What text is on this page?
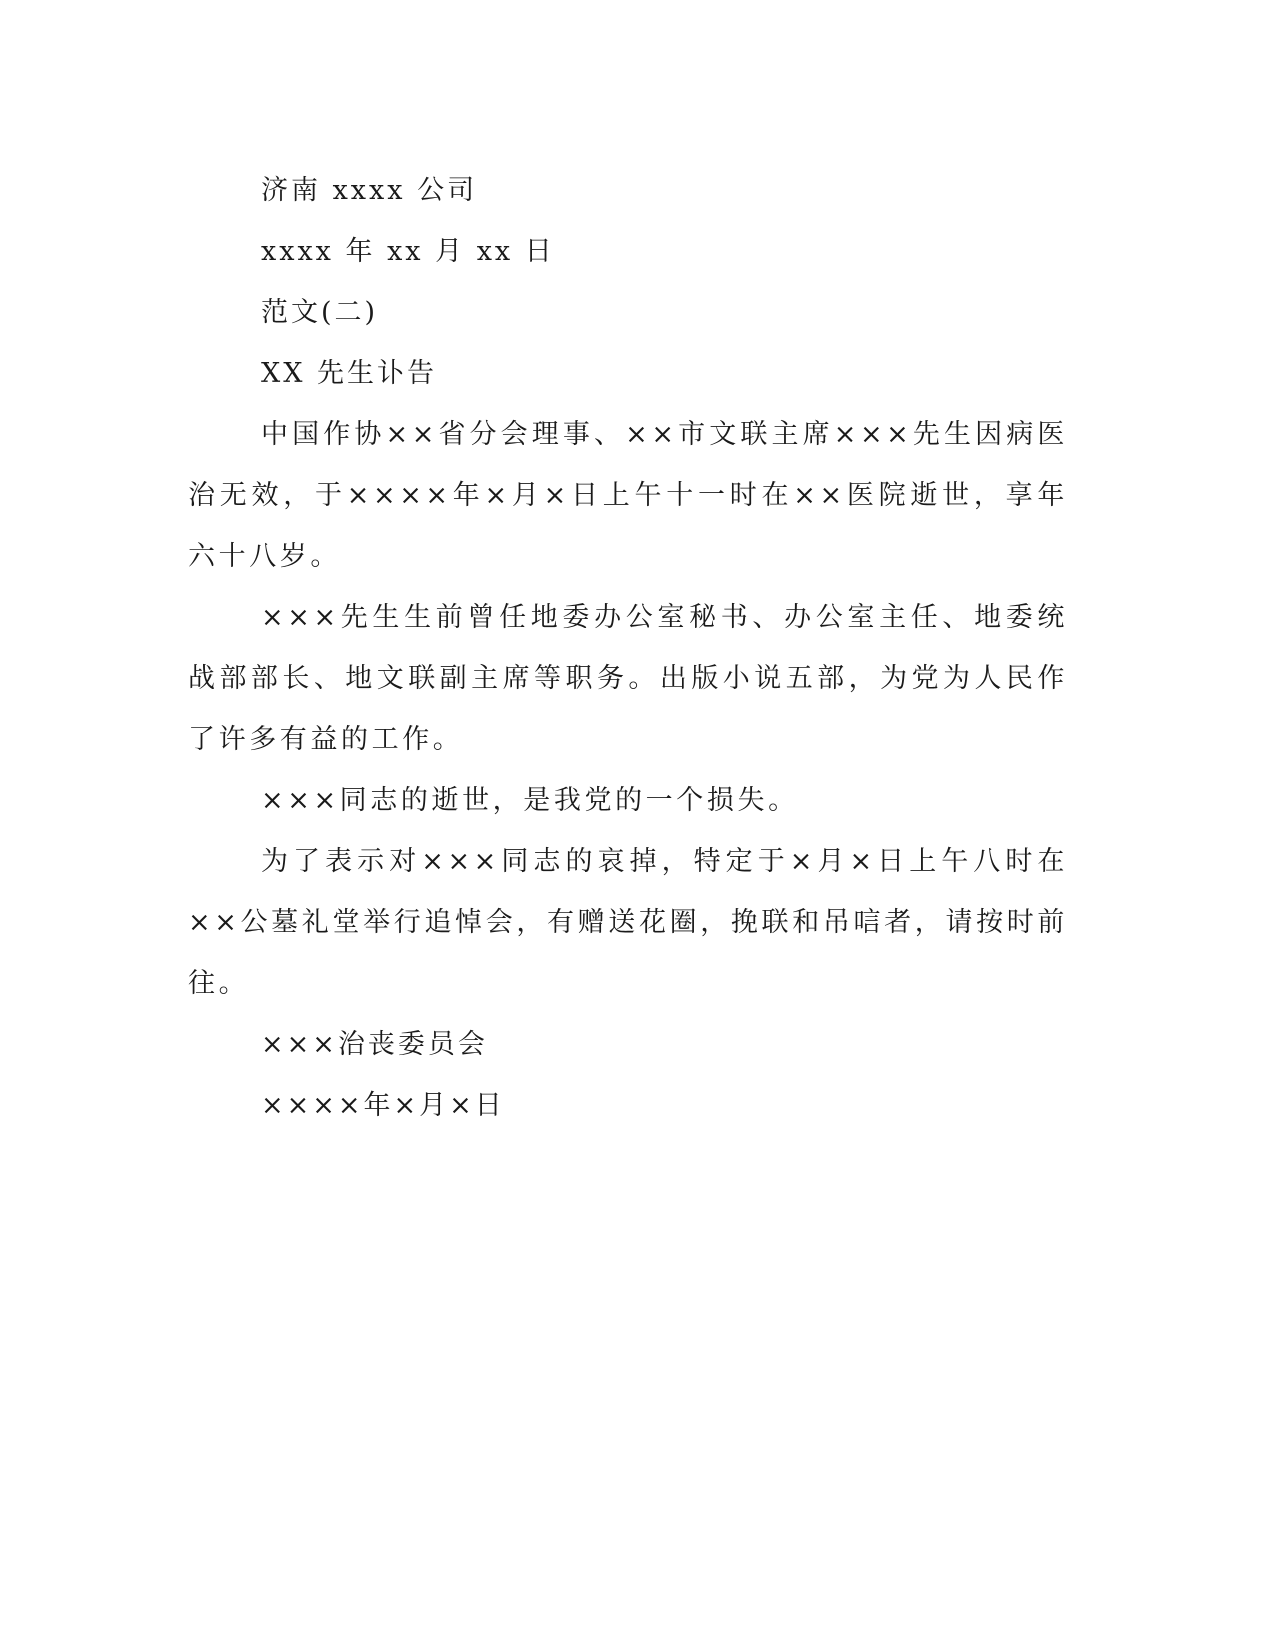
济南 xxxx 公司

xxxx 年 xx 月 xx 日

范文(二)

XX 先生讣告

中国作协××省分会理事、××市文联主席×××先生因病医治无效，于××××年×月×日上午十一时在××医院逝世，享年六十八岁。

×××先生生前曾任地委办公室秘书、办公室主任、地委统战部部长、地文联副主席等职务。出版小说五部，为党为人民作了许多有益的工作。

×××同志的逝世，是我党的一个损失。

为了表示对×××同志的哀掉，特定于×月×日上午八时在××公墓礼堂举行追悼会，有赠送花圈，挽联和吊唁者，请按时前往。

×××治丧委员会

××××年×月×日
